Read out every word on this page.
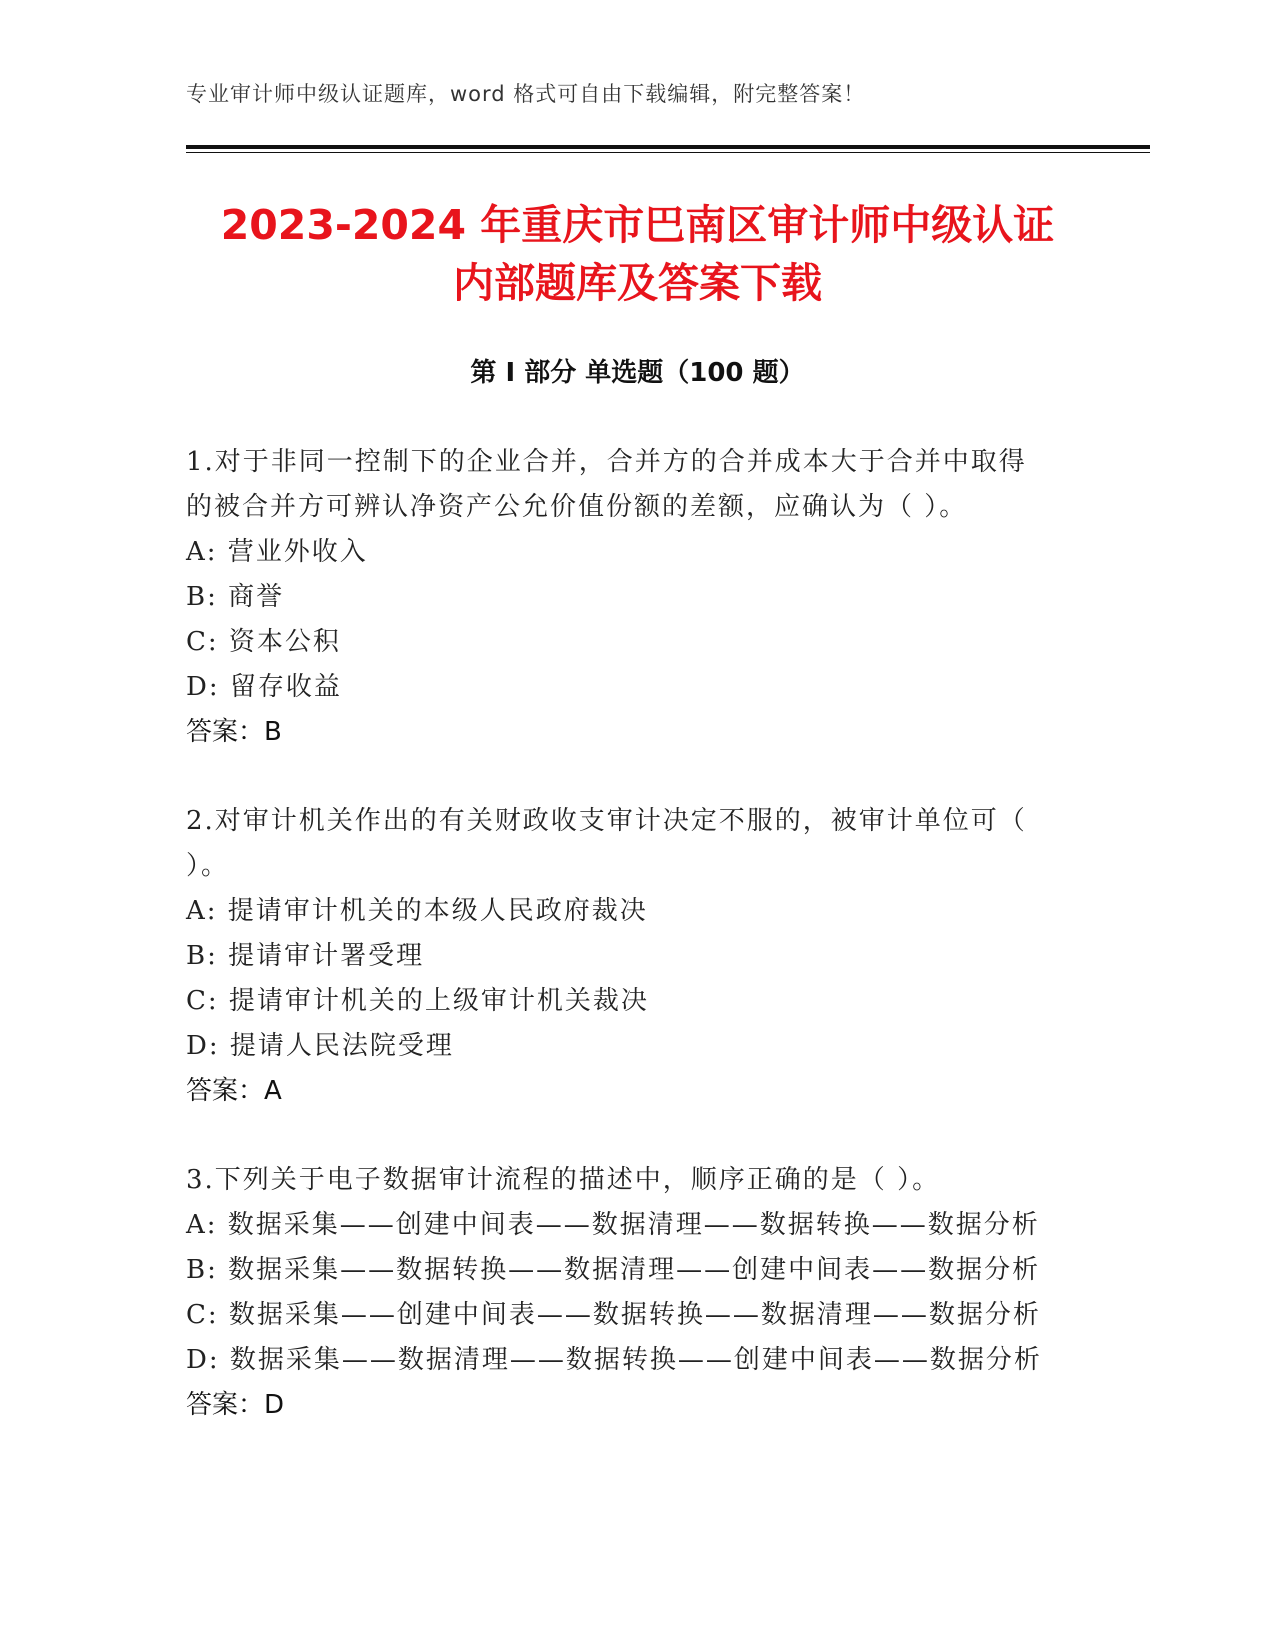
专业审计师中级认证题库，word 格式可自由下载编辑，附完整答案！
2023-2024 年重庆市巴南区审计师中级认证
内部题库及答案下载
第 I 部分 单选题（100 题）
1.对于非同一控制下的企业合并，合并方的合并成本大于合并中取得
的被合并方可辨认净资产公允价值份额的差额，应确认为（ ）。
A: 营业外收入
B: 商誉
C: 资本公积
D: 留存收益
答案：B
2.对审计机关作出的有关财政收支审计决定不服的，被审计单位可（
）。
A: 提请审计机关的本级人民政府裁决
B: 提请审计署受理
C: 提请审计机关的上级审计机关裁决
D: 提请人民法院受理
答案：A
3.下列关于电子数据审计流程的描述中，顺序正确的是（ ）。
A: 数据采集——创建中间表——数据清理——数据转换——数据分析
B: 数据采集——数据转换——数据清理——创建中间表——数据分析
C: 数据采集——创建中间表——数据转换——数据清理——数据分析
D: 数据采集——数据清理——数据转换——创建中间表——数据分析
答案：D
